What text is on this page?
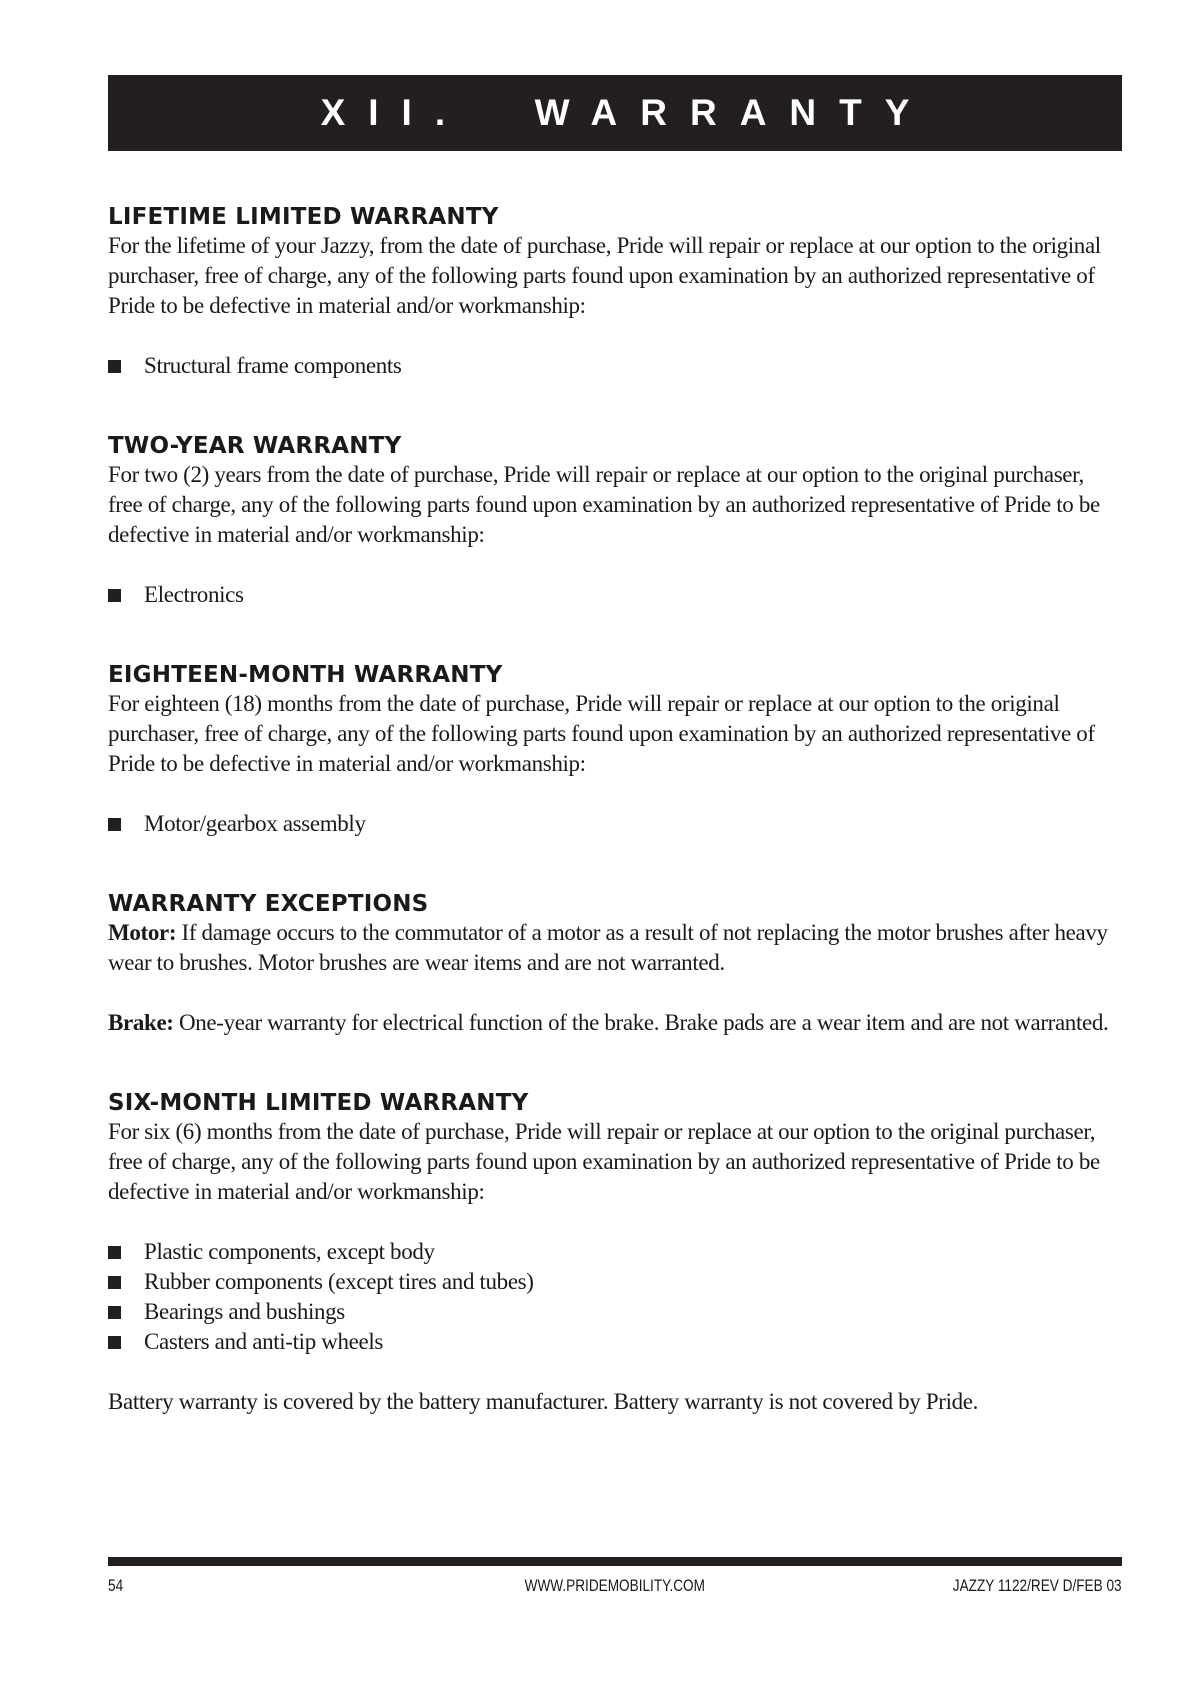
XII.  WARRANTY
LIFETIME LIMITED WARRANTY

For the lifetime of your Jazzy, from the date of purchase, Pride will repair or replace at our option to the original purchaser, free of charge, any of the following parts found upon examination by an authorized representative of Pride to be defective in material and/or workmanship:

Structural frame components
TWO-YEAR WARRANTY

For two (2) years from the date of purchase, Pride will repair or replace at our option to the original purchaser, free of charge, any of the following parts found upon examination by an authorized representative of Pride to be defective in material and/or workmanship:

Electronics
EIGHTEEN-MONTH WARRANTY

For eighteen (18) months from the date of purchase, Pride will repair or replace at our option to the original purchaser, free of charge, any of the following parts found upon examination by an authorized representative of Pride to be defective in material and/or workmanship:

Motor/gearbox assembly
WARRANTY EXCEPTIONS

Motor: If damage occurs to the commutator of a motor as a result of not replacing the motor brushes after heavy wear to brushes. Motor brushes are wear items and are not warranted.

Brake: One-year warranty for electrical function of the brake. Brake pads are a wear item and are not warranted.

SIX-MONTH LIMITED WARRANTY

For six (6) months from the date of purchase, Pride will repair or replace at our option to the original purchaser, free of charge, any of the following parts found upon examination by an authorized representative of Pride to be defective in material and/or workmanship:

Plastic components, except body
Rubber components (except tires and tubes)
Bearings and bushings
Casters and anti-tip wheels

Battery warranty is covered by the battery manufacturer. Battery warranty is not covered by Pride.

54	WWW.PRIDEMOBILITY.COM	JAZZY 1122/REV D/FEB 03
